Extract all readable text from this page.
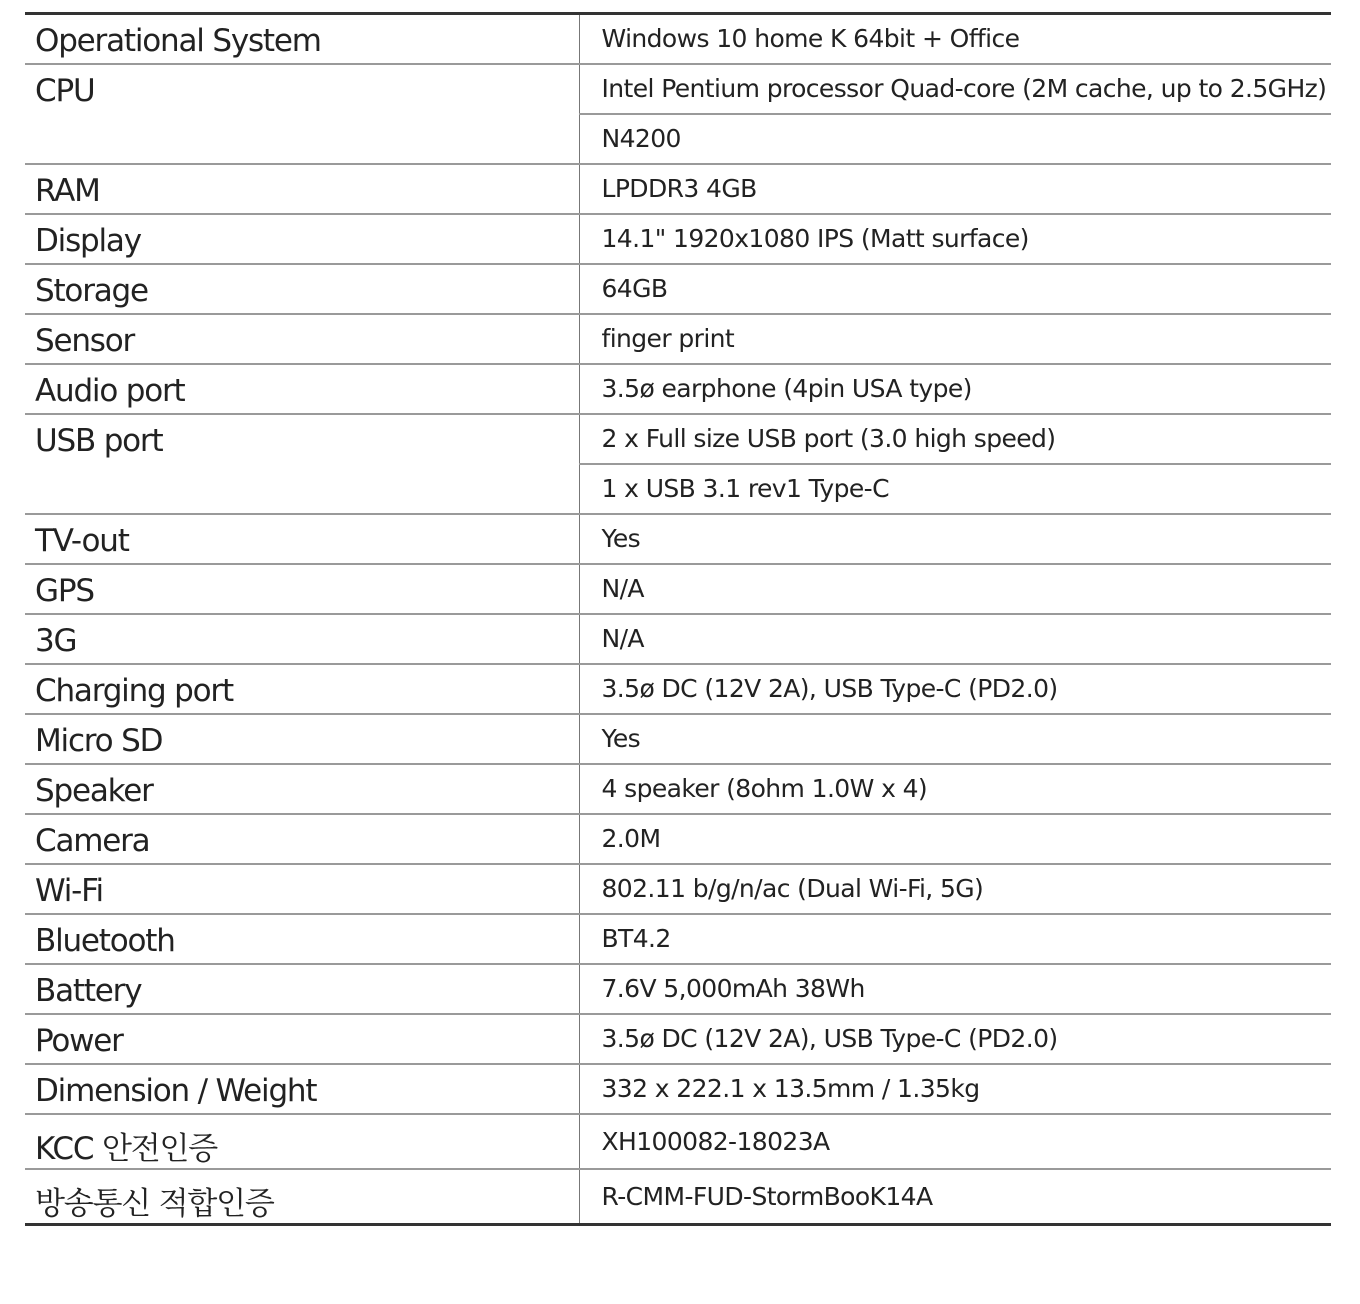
Operational System	Windows 10 home K 64bit + Office
CPU	Intel Pentium processor Quad-core (2M cache, up to 2.5GHz)
	N4200
RAM	LPDDR3 4GB
Display	14.1" 1920x1080 IPS (Matt surface)
Storage	64GB
Sensor	finger print
Audio port	3.5ø earphone (4pin USA type)
USB port	2 x Full size USB port (3.0 high speed)
	1 x USB 3.1 rev1 Type-C
TV-out	Yes
GPS	N/A
3G	N/A
Charging port	3.5ø DC (12V 2A), USB Type-C (PD2.0)
Micro SD	Yes
Speaker	4 speaker (8ohm 1.0W x 4)
Camera	2.0M
Wi-Fi	802.11 b/g/n/ac (Dual Wi-Fi, 5G)
Bluetooth	BT4.2
Battery	7.6V 5,000mAh 38Wh
Power	3.5ø DC (12V 2A), USB Type-C (PD2.0)
Dimension / Weight	332 x 222.1 x 13.5mm / 1.35kg
KCC 안전인증	XH100082-18023A
방송통신 적합인증	R-CMM-FUD-StormBooK14A
